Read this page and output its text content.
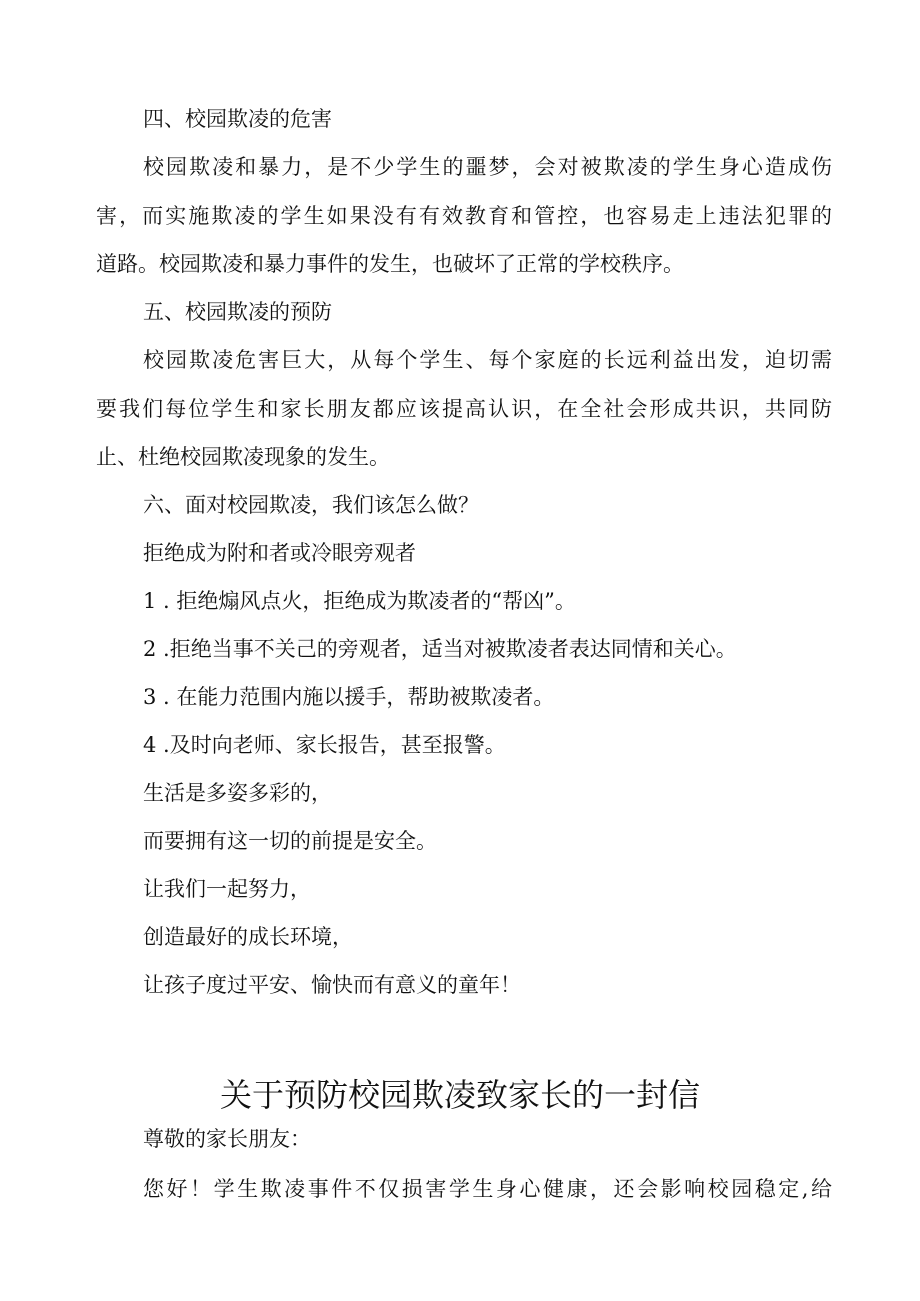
四、校园欺凌的危害
校园欺凌和暴力，是不少学生的噩梦，会对被欺凌的学生身心造成伤
害，而实施欺凌的学生如果没有有效教育和管控，也容易走上违法犯罪的
道路。校园欺凌和暴力事件的发生，也破坏了正常的学校秩序。
五、校园欺凌的预防
校园欺凌危害巨大，从每个学生、每个家庭的长远利益出发，迫切需
要我们每位学生和家长朋友都应该提高认识，在全社会形成共识，共同防
止、杜绝校园欺凌现象的发生。
六、面对校园欺凌，我们该怎么做？
拒绝成为附和者或冷眼旁观者
1 . 拒绝煽风点火，拒绝成为欺凌者的“帮凶”。
2 .拒绝当事不关己的旁观者，适当对被欺凌者表达同情和关心。
3 . 在能力范围内施以援手，帮助被欺凌者。
4 .及时向老师、家长报告，甚至报警。
生活是多姿多彩的，
而要拥有这一切的前提是安全。
让我们一起努力，
创造最好的成长环境，
让孩子度过平安、愉快而有意义的童年！
关于预防校园欺凌致家长的一封信
尊敬的家长朋友：
您好！学生欺凌事件不仅损害学生身心健康，还会影响校园稳定,给
